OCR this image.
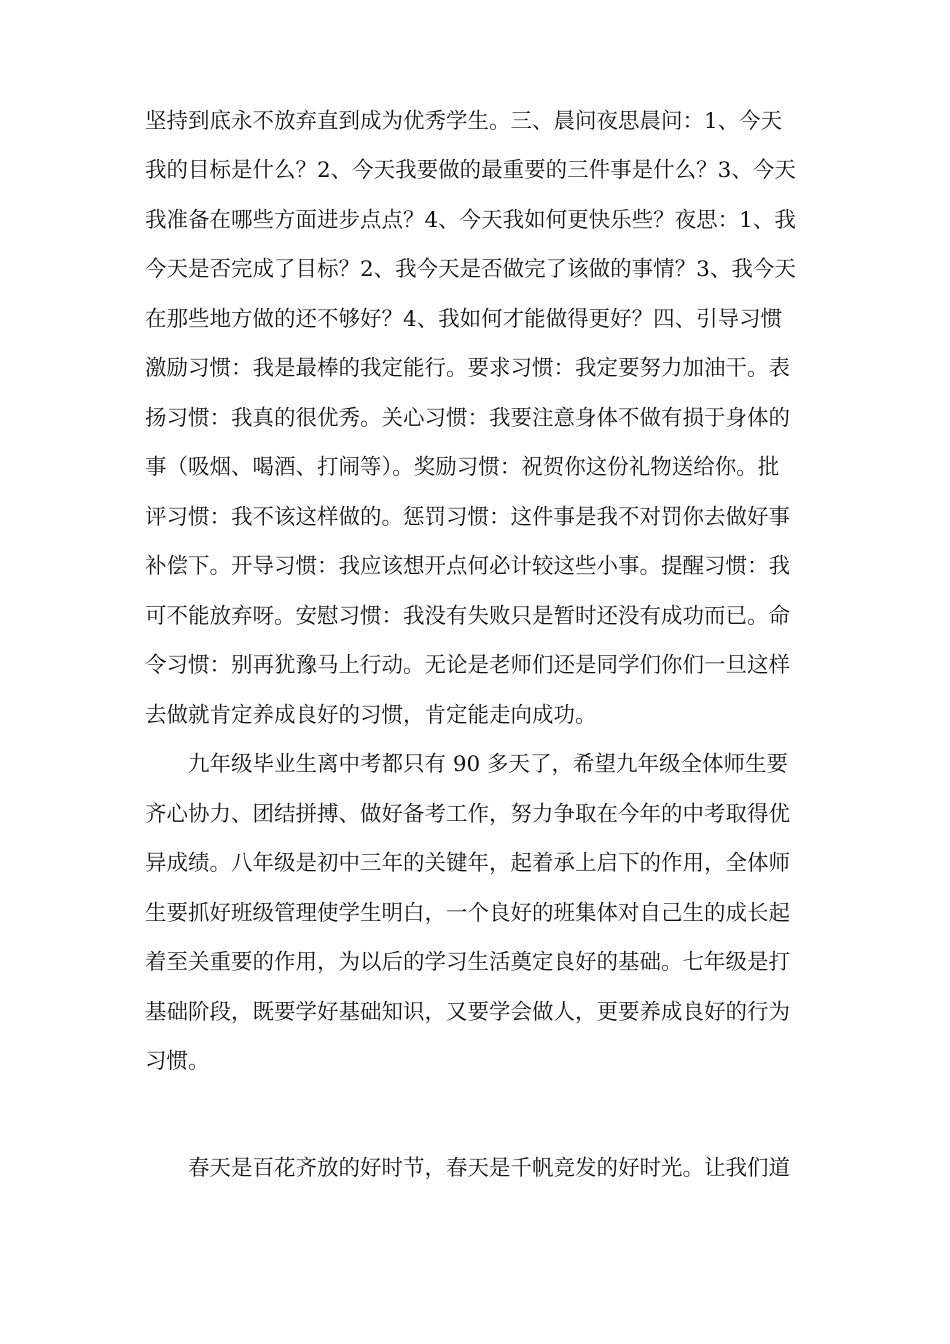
坚持到底永不放弃直到成为优秀学生。三、晨问夜思晨问：1、今天

我的目标是什么？2、今天我要做的最重要的三件事是什么？3、今天

我准备在哪些方面进步点点？4、今天我如何更快乐些？夜思：1、我

今天是否完成了目标？2、我今天是否做完了该做的事情？3、我今天

在那些地方做的还不够好？4、我如何才能做得更好？四、引导习惯

激励习惯：我是最棒的我定能行。要求习惯：我定要努力加油干。表

扬习惯：我真的很优秀。关心习惯：我要注意身体不做有损于身体的

事（吸烟、喝酒、打闹等）。奖励习惯：祝贺你这份礼物送给你。批

评习惯：我不该这样做的。惩罚习惯：这件事是我不对罚你去做好事

补偿下。开导习惯：我应该想开点何必计较这些小事。提醒习惯：我

可不能放弃呀。安慰习惯：我没有失败只是暂时还没有成功而已。命

令习惯：别再犹豫马上行动。无论是老师们还是同学们你们一旦这样

去做就肯定养成良好的习惯，肯定能走向成功。

九年级毕业生离中考都只有 90 多天了，希望九年级全体师生要

齐心协力、团结拼搏、做好备考工作，努力争取在今年的中考取得优

异成绩。八年级是初中三年的关键年，起着承上启下的作用，全体师

生要抓好班级管理使学生明白，一个良好的班集体对自己生的成长起

着至关重要的作用，为以后的学习生活奠定良好的基础。七年级是打

基础阶段，既要学好基础知识，又要学会做人，更要养成良好的行为

习惯。

春天是百花齐放的好时节，春天是千帆竞发的好时光。让我们道
